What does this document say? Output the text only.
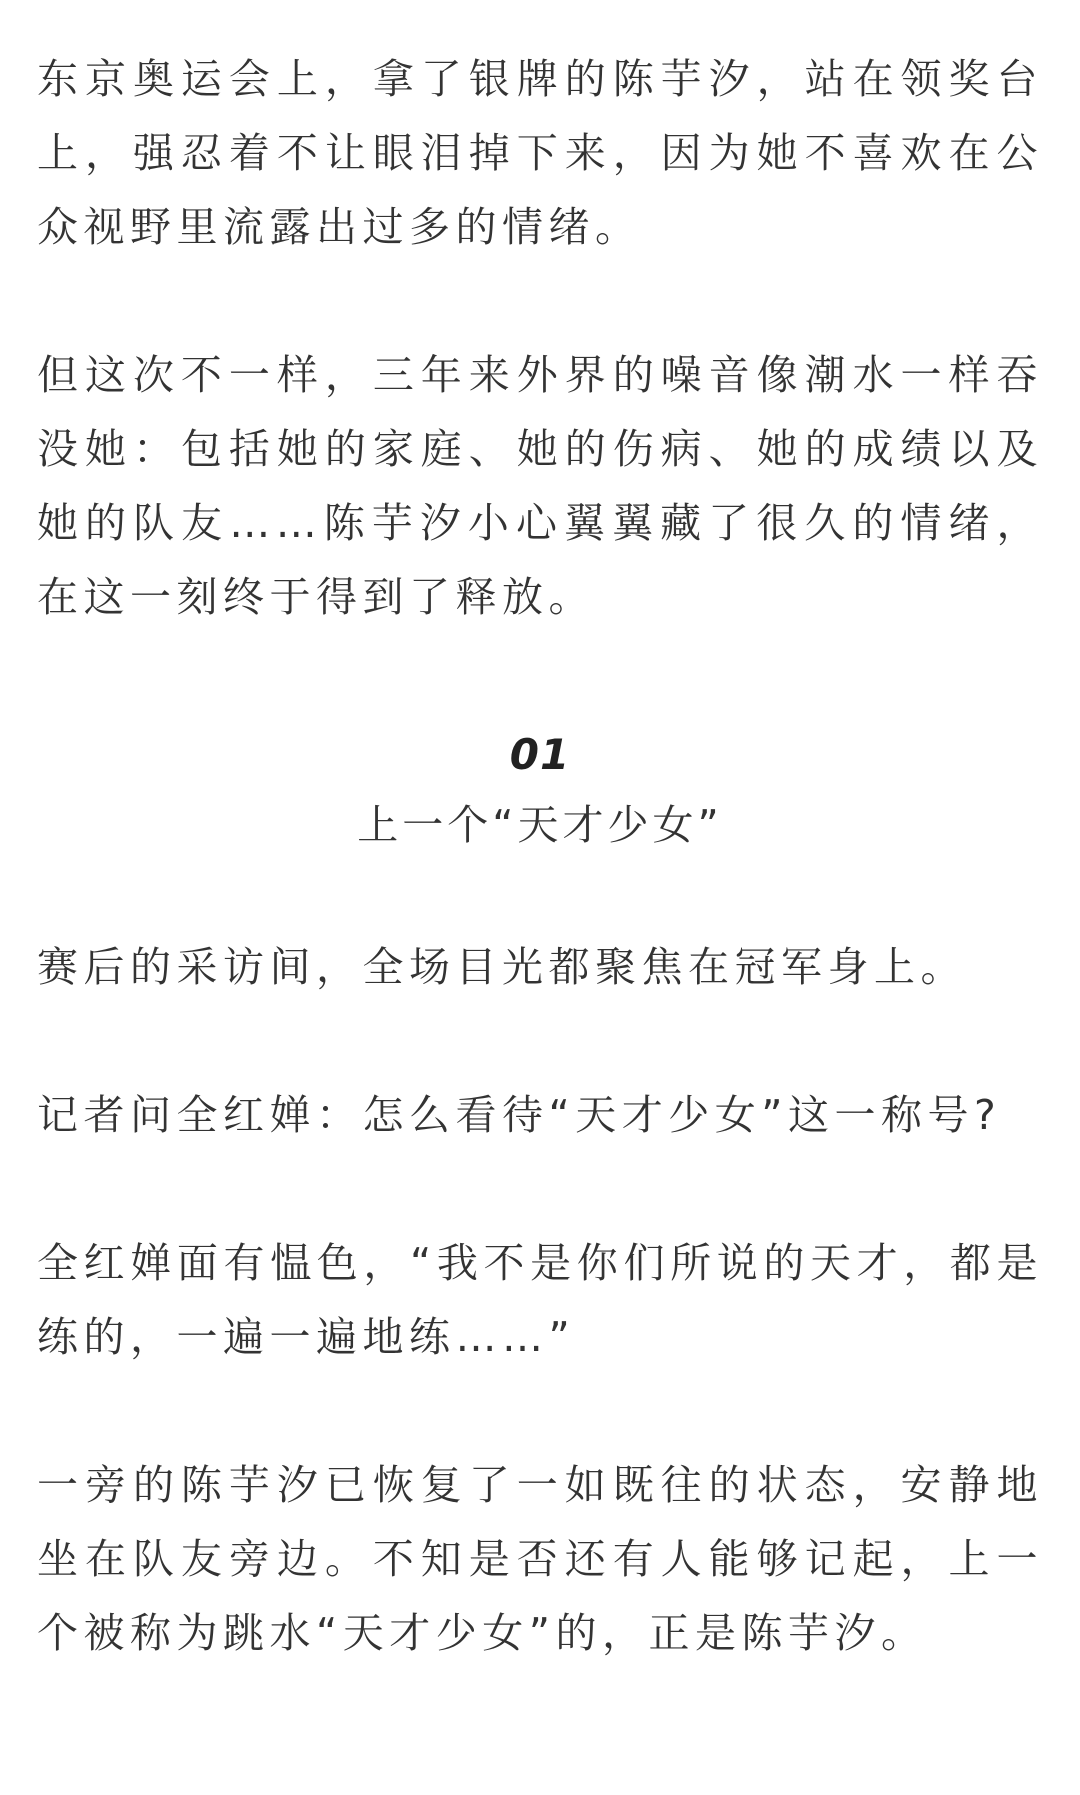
东京奥运会上，拿了银牌的陈芋汐，站在领奖台上，强忍着不让眼泪掉下来，因为她不喜欢在公众视野里流露出过多的情绪。

但这次不一样，三年来外界的噪音像潮水一样吞没她：包括她的家庭、她的伤病、她的成绩以及她的队友……陈芋汐小心翼翼藏了很久的情绪，在这一刻终于得到了释放。

01
上一个“天才少女”

赛后的采访间，全场目光都聚焦在冠军身上。

记者问全红婵：怎么看待“天才少女”这一称号?

全红婵面有愠色，“我不是你们所说的天才，都是练的，一遍一遍地练……”

一旁的陈芋汐已恢复了一如既往的状态，安静地坐在队友旁边。不知是否还有人能够记起，上一个被称为跳水“天才少女”的，正是陈芋汐。
